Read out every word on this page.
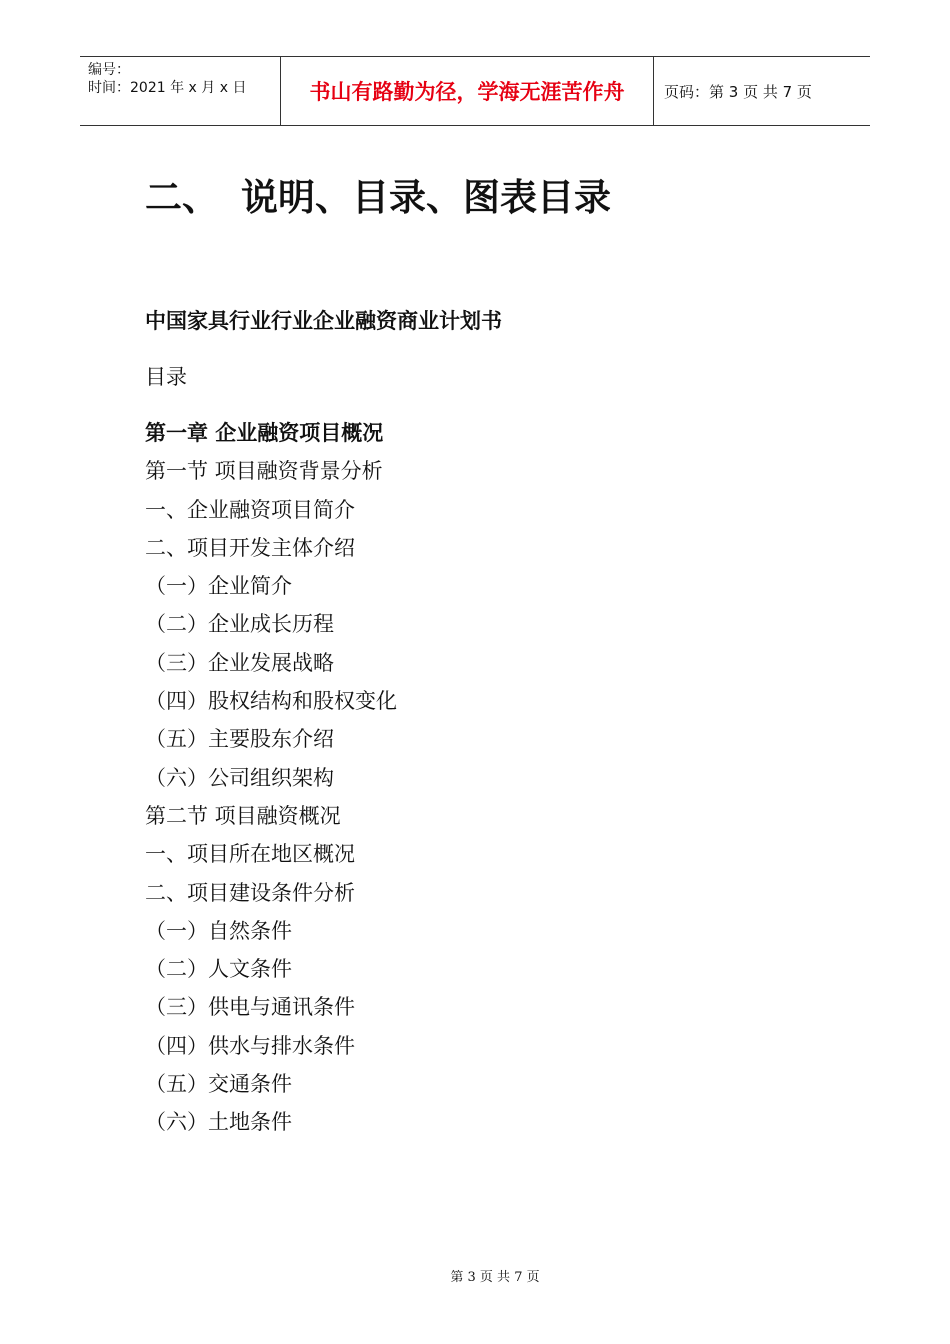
编号：
时间：2021 年 x 月 x 日	书山有路勤为径，学海无涯苦作舟	页码：第 3 页 共 7 页
二、 说明、目录、图表目录
中国家具行业行业企业融资商业计划书
目录
第一章 企业融资项目概况
第一节 项目融资背景分析
一、企业融资项目简介
二、项目开发主体介绍
（一）企业简介
（二）企业成长历程
（三）企业发展战略
（四）股权结构和股权变化
（五）主要股东介绍
（六）公司组织架构
第二节 项目融资概况
一、项目所在地区概况
二、项目建设条件分析
（一）自然条件
（二）人文条件
（三）供电与通讯条件
（四）供水与排水条件
（五）交通条件
（六）土地条件
第 3 页 共 7 页
